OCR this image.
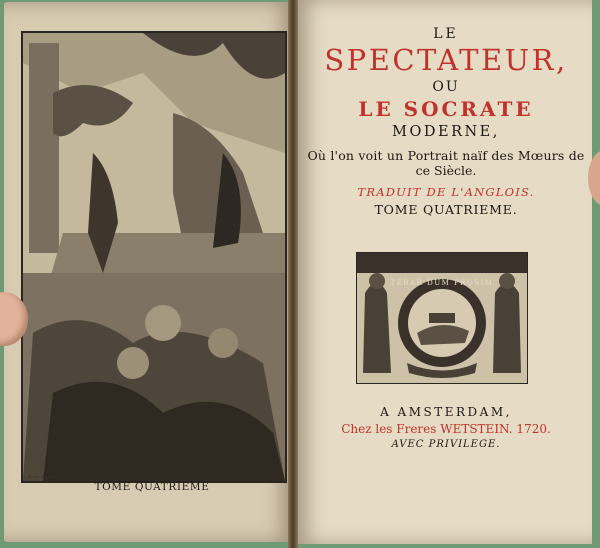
B. Picart delineavit 1719.
TOME QUATRIEME
LE
SPECTATEUR,
OU
LE SOCRATE
MODERNE,
Où l'on voit un Portrait naïf des Mœurs de
ce Siècle.
TRADUIT DE L'ANGLOIS.
TOME QUATRIEME.
TERAR DUM PROSIM
A AMSTERDAM,
Chez les Freres WETSTEIN. 1720.
AVEC PRIVILEGE.
